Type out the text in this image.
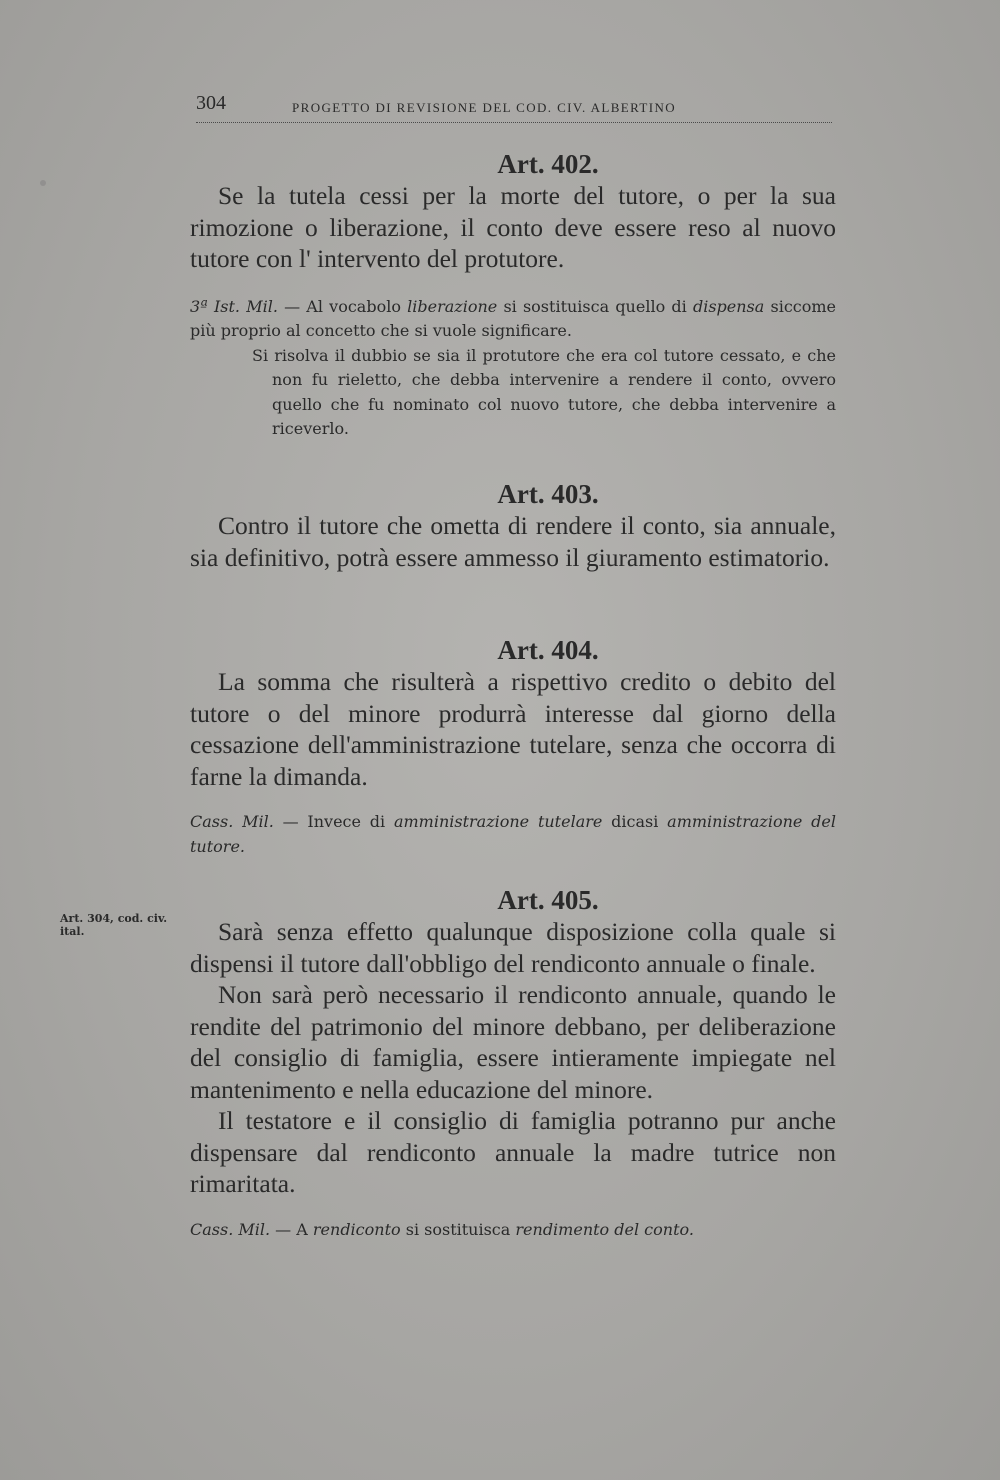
304	PROGETTO DI REVISIONE DEL COD. CIV. ALBERTINO
Art. 402.

Se la tutela cessi per la morte del tutore, o per la sua rimozione o liberazione, il conto deve essere reso al nuovo tutore con l' intervento del protutore.

3ª Ist. Mil. — Al vocabolo liberazione si sostituisca quello di dispensa siccome più proprio al concetto che si vuole significare.

Si risolva il dubbio se sia il protutore che era col tutore cessato, e che non fu rieletto, che debba intervenire a rendere il conto, ovvero quello che fu nominato col nuovo tutore, che debba intervenire a riceverlo.

Art. 403.

Contro il tutore che ometta di rendere il conto, sia annuale, sia definitivo, potrà essere ammesso il giuramento estimatorio.

Art. 404.

La somma che risulterà a rispettivo credito o debito del tutore o del minore produrrà interesse dal giorno della cessazione dell'amministrazione tutelare, senza che occorra di farne la dimanda.

Cass. Mil. — Invece di amministrazione tutelare dicasi amministrazione del tutore.

Art. 304, cod. civ. ital.
Art. 405.

Sarà senza effetto qualunque disposizione colla quale si dispensi il tutore dall'obbligo del rendiconto annuale o finale.

Non sarà però necessario il rendiconto annuale, quando le rendite del patrimonio del minore debbano, per deliberazione del consiglio di famiglia, essere intieramente impiegate nel mantenimento e nella educazione del minore.

Il testatore e il consiglio di famiglia potranno pur anche dispensare dal rendiconto annuale la madre tutrice non rimaritata.

Cass. Mil. — A rendiconto si sostituisca rendimento del conto.
